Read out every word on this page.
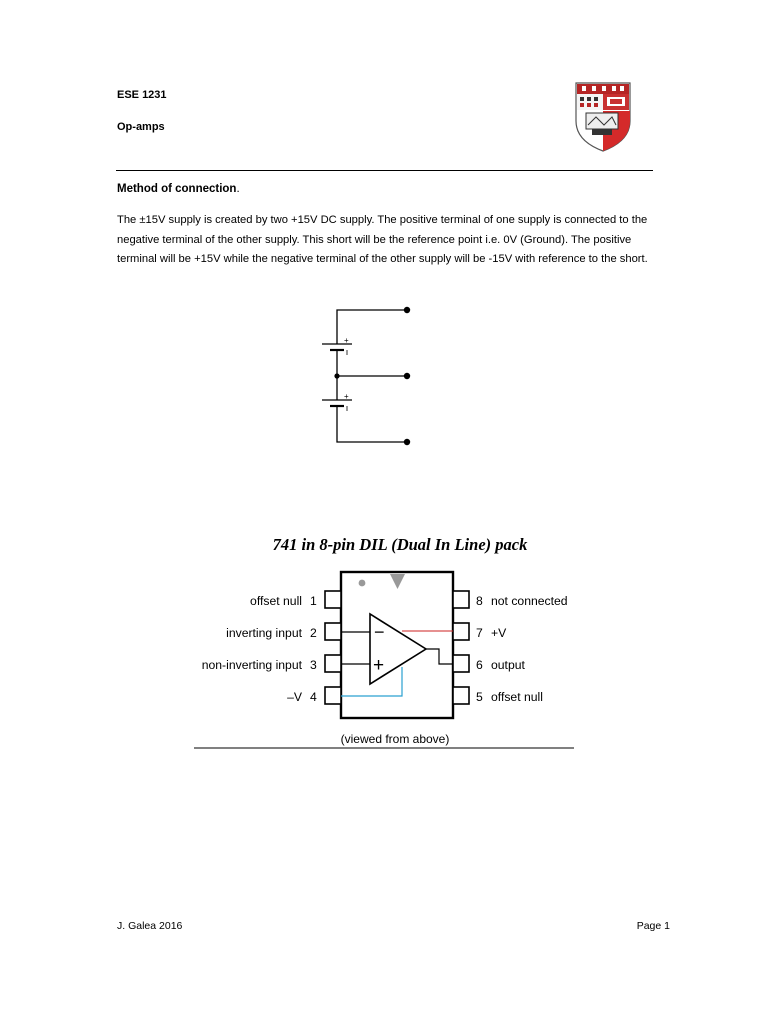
ESE 1231
Op-amps
Method of connection.
The ±15V supply is created by two +15V DC supply. The positive terminal of one supply is connected to the negative terminal of the other supply. This short will be the reference point i.e. 0V (Ground). The positive terminal will be +15V while the negative terminal of the other supply will be -15V with reference to the short.
+
+
741 in 8-pin DIL (Dual In Line) pack
−
+
offset null
inverting input
non-inverting input
–V
1
2
3
4
8
7
6
5
not connected
+V
output
offset null
(viewed from above)
J. Galea 2016	Page 1
